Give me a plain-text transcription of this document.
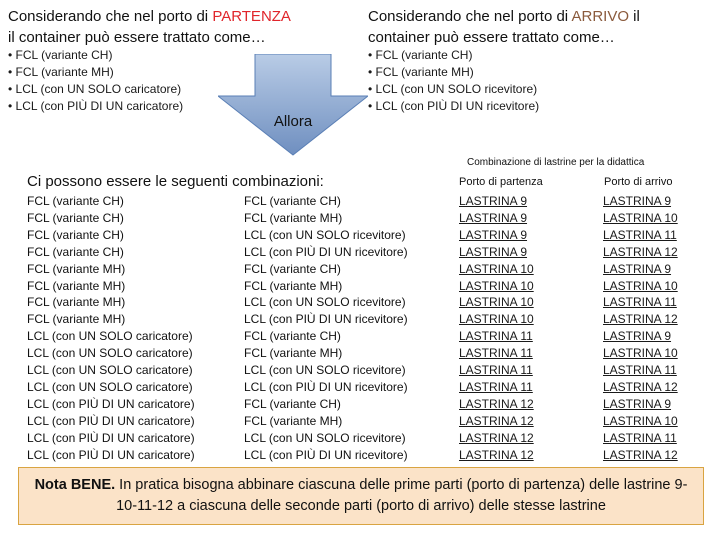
Considerando che nel porto di PARTENZA
il container può essere trattato come…
Considerando che nel porto di ARRIVO il
container può essere trattato come…
• FCL (variante CH)
• FCL (variante MH)
• LCL (con UN SOLO caricatore)
• LCL (con PIÙ DI UN caricatore)
• FCL (variante CH)
• FCL (variante MH)
• LCL (con UN SOLO ricevitore)
• LCL (con PIÙ DI UN ricevitore)
Allora
Ci possono essere le seguenti combinazioni:
FCL (variante CH)
FCL (variante CH)
FCL (variante CH)
FCL (variante CH)
FCL (variante MH)
FCL (variante MH)
FCL (variante MH)
FCL (variante MH)
LCL (con UN SOLO caricatore)
LCL (con UN SOLO caricatore)
LCL (con UN SOLO caricatore)
LCL (con UN SOLO caricatore)
LCL (con PIÙ DI UN caricatore)
LCL (con PIÙ DI UN caricatore)
LCL (con PIÙ DI UN caricatore)
LCL (con PIÙ DI UN caricatore)
FCL (variante CH)
FCL (variante MH)
LCL (con UN SOLO ricevitore)
LCL (con PIÙ DI UN ricevitore)
FCL (variante CH)
FCL (variante MH)
LCL (con UN SOLO ricevitore)
LCL (con PIÙ DI UN ricevitore)
FCL (variante CH)
FCL (variante MH)
LCL (con UN SOLO ricevitore)
LCL (con PIÙ DI UN ricevitore)
FCL (variante CH)
FCL (variante MH)
LCL (con UN SOLO ricevitore)
LCL (con PIÙ DI UN ricevitore)
Combinazione di lastrine per la didattica
Porto di partenza	Porto di arrivo
LASTRINA 9
LASTRINA 9
LASTRINA 9
LASTRINA 9
LASTRINA 10
LASTRINA 10
LASTRINA 10
LASTRINA 10
LASTRINA 11
LASTRINA 11
LASTRINA 11
LASTRINA 11
LASTRINA 12
LASTRINA 12
LASTRINA 12
LASTRINA 12
LASTRINA 9
LASTRINA 10
LASTRINA 11
LASTRINA 12
LASTRINA 9
LASTRINA 10
LASTRINA 11
LASTRINA 12
LASTRINA 9
LASTRINA 10
LASTRINA 11
LASTRINA 12
LASTRINA 9
LASTRINA 10
LASTRINA 11
LASTRINA 12
Nota BENE. In pratica bisogna abbinare ciascuna delle prime parti (porto di partenza) delle lastrine 9-10-11-12 a ciascuna delle seconde parti (porto di arrivo) delle stesse lastrine
